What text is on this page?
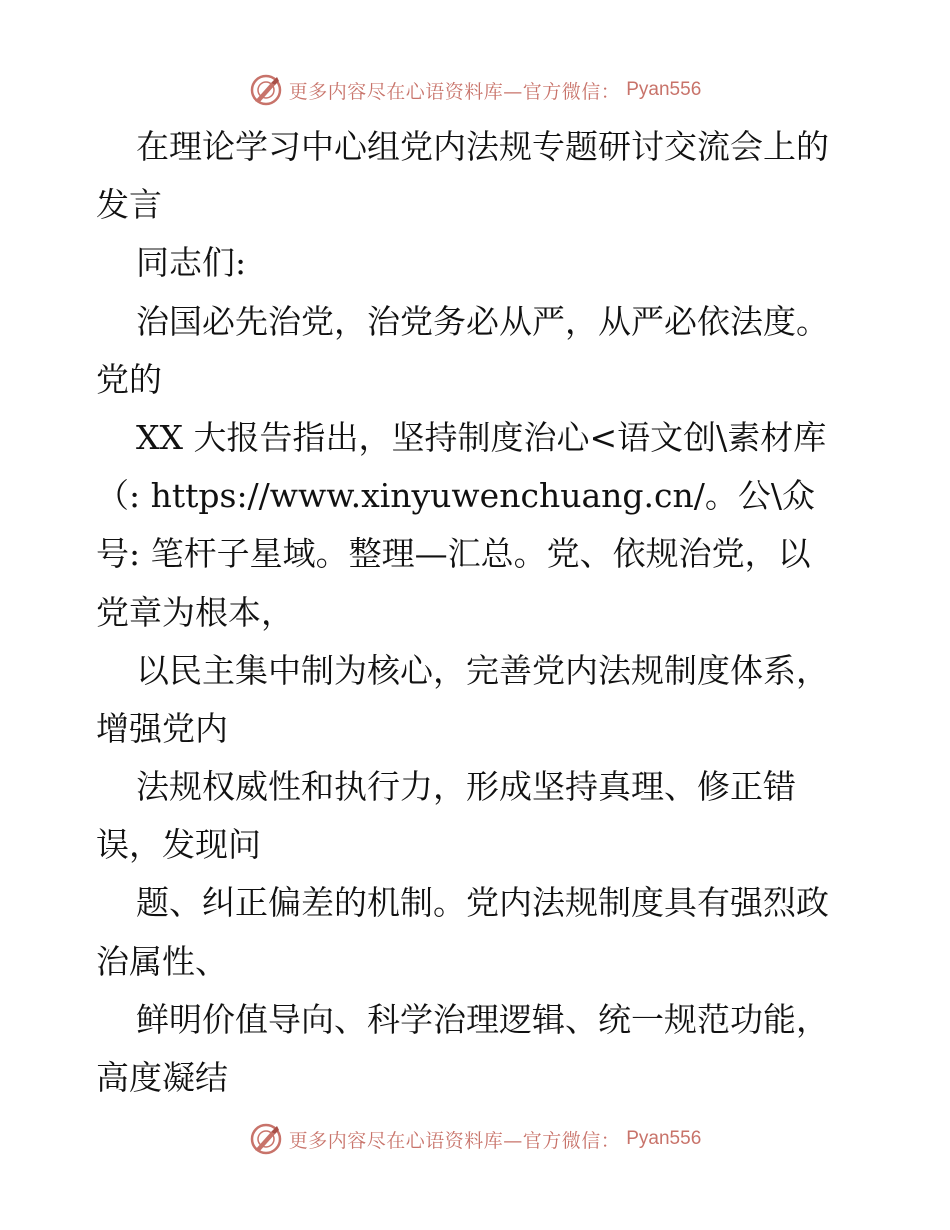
更多内容尽在心语资料库—官方微信： Pyan556
在理论学习中心组党内法规专题研讨交流会上的
发言
同志们:
治国必先治党，治党务必从严，从严必依法度。
党的
XX 大报告指出，坚持制度治心<语文创\素材库
（: https://www.xinyuwenchuang.cn/。公\众
号: 笔杆子星域。整理—汇总。党、依规治党，以
党章为根本，
以民主集中制为核心，完善党内法规制度体系，
增强党内
法规权威性和执行力，形成坚持真理、修正错
误，发现问
题、纠正偏差的机制。党内法规制度具有强烈政
治属性、
鲜明价值导向、科学治理逻辑、统一规范功能，
高度凝结
更多内容尽在心语资料库—官方微信： Pyan556
